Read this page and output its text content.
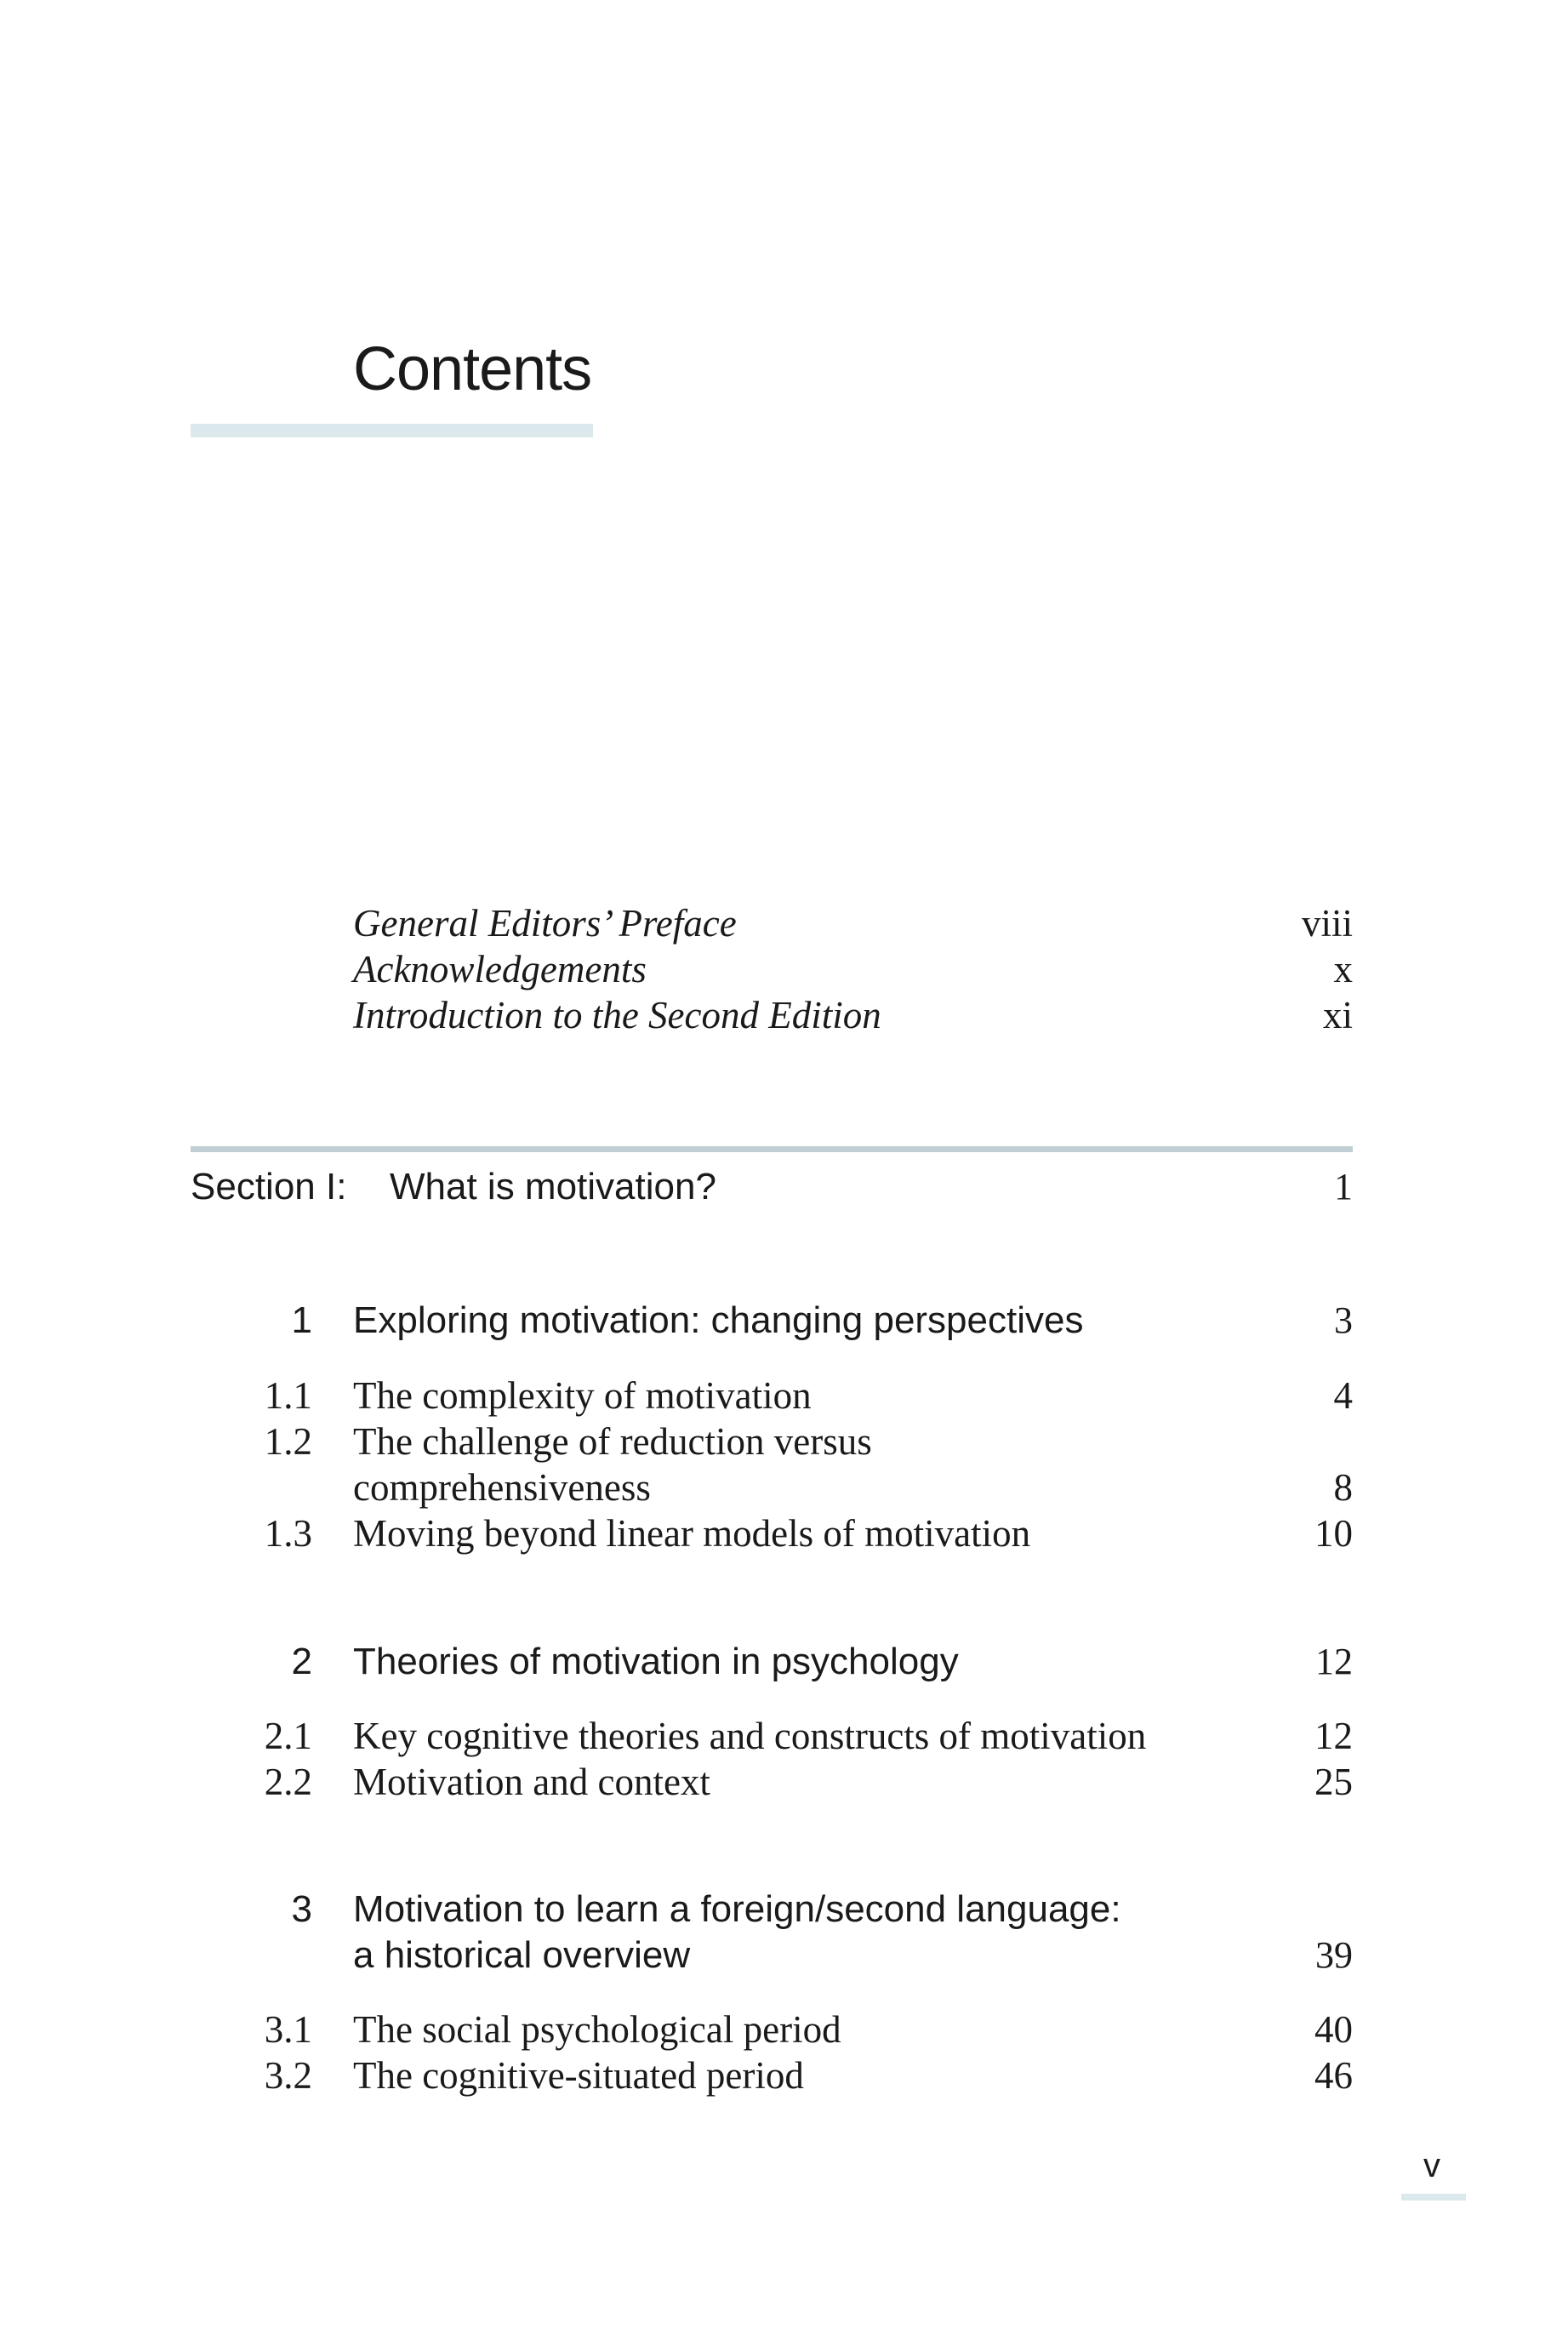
Contents
General Editors’ Preface	viii
Acknowledgements	x
Introduction to the Second Edition	xi
Section I: What is motivation?	1
1 Exploring motivation: changing perspectives	3
1.1 The complexity of motivation	4
1.2 The challenge of reduction versus
comprehensiveness	8
1.3 Moving beyond linear models of motivation	10
2 Theories of motivation in psychology	12
2.1 Key cognitive theories and constructs of motivation	12
2.2 Motivation and context	25
3 Motivation to learn a foreign/second language:
a historical overview	39
3.1 The social psychological period	40
3.2 The cognitive-situated period	46
v
